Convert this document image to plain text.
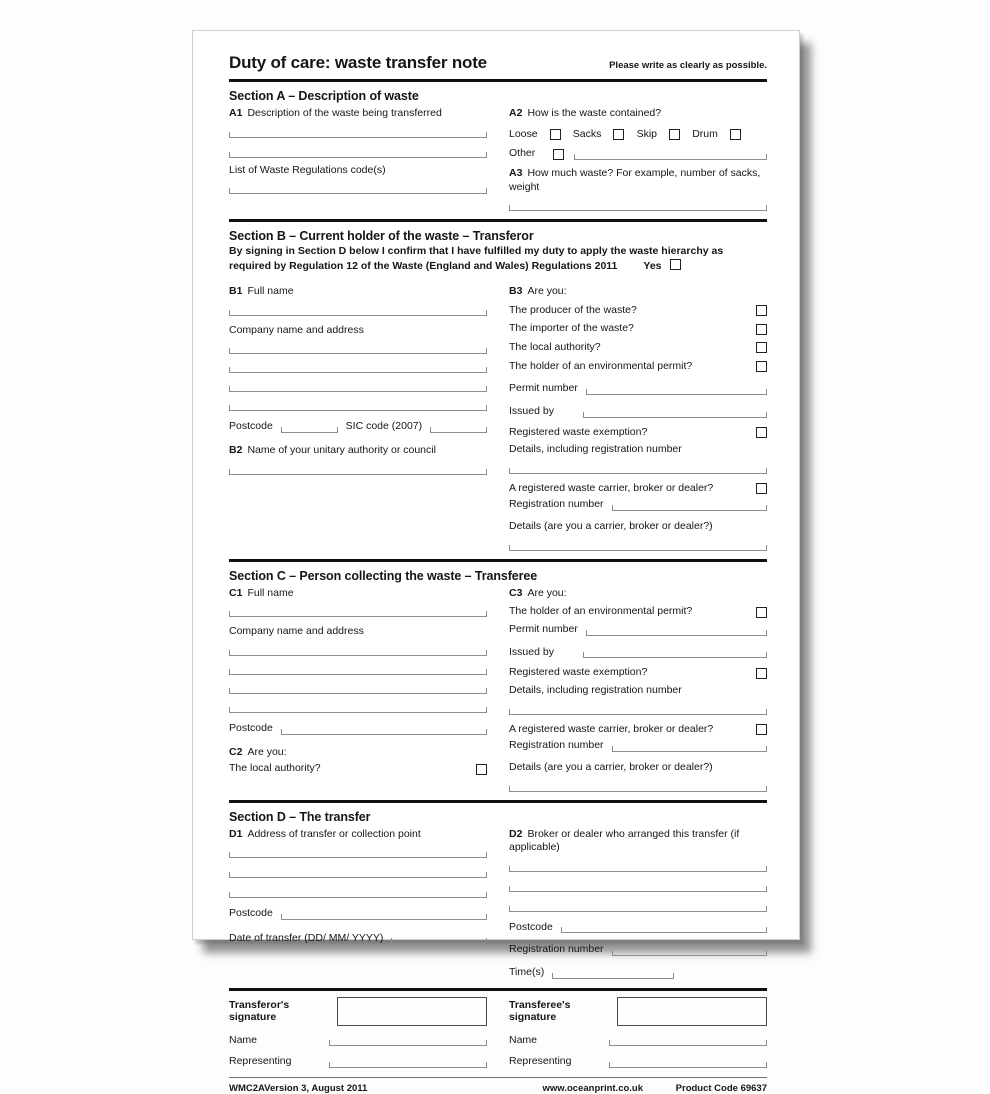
Duty of care: waste transfer note	Please write as clearly as possible.
Section A – Description of waste
A1 Description of the waste being transferred
List of Waste Regulations code(s)
A2 How is the waste contained?
Loose	Sacks	Skip	Drum
Other
A3 How much waste? For example, number of sacks, weight
Section B – Current holder of the waste – Transferor
By signing in Section D below I confirm that I have fulfilled my duty to apply the waste hierarchy as required by Regulation 12 of the Waste (England and Wales) Regulations 2011 Yes
B1 Full name
Company name and address
Postcode	SIC code (2007)
B2 Name of your unitary authority or council
B3 Are you:
The producer of the waste?
The importer of the waste?
The local authority?
The holder of an environmental permit?
Permit number
Issued by
Registered waste exemption?
Details, including registration number
A registered waste carrier, broker or dealer?
Registration number
Details (are you a carrier, broker or dealer?)
Section C – Person collecting the waste – Transferee
C1 Full name
Company name and address
Postcode
C2 Are you:
The local authority?
C3 Are you:
The holder of an environmental permit?
Permit number
Issued by
Registered waste exemption?
Details, including registration number
A registered waste carrier, broker or dealer?
Registration number
Details (are you a carrier, broker or dealer?)
Section D – The transfer
D1 Address of transfer or collection point
Postcode
Date of transfer (DD/ MM/ YYYY)
D2 Broker or dealer who arranged this transfer (if applicable)
Postcode
Registration number
Time(s)
Transferor's signature
Name
Representing
Transferee's signature
Name
Representing
WMC2AVersion 3, August 2011	www.oceanprint.co.uk	Product Code 69637
